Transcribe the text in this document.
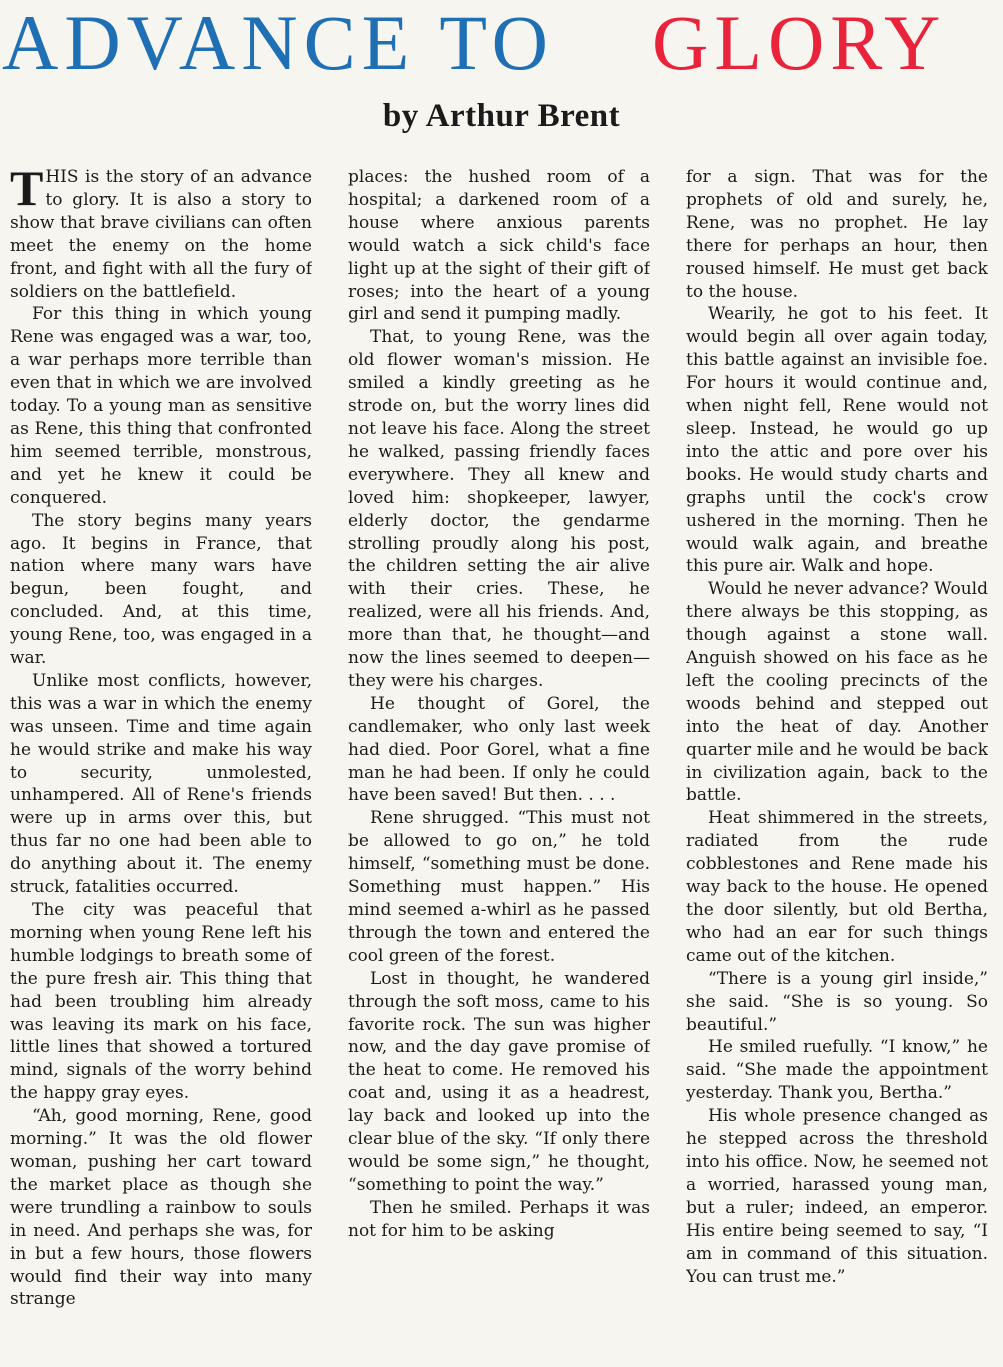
ADVANCE TO GLORY
by Arthur Brent

THIS is the story of an advance to glory. It is also a story to show that brave civilians can often meet the enemy on the home front, and fight with all the fury of soldiers on the battlefield.

For this thing in which young Rene was engaged was a war, too, a war perhaps more terrible than even that in which we are involved today. To a young man as sensitive as Rene, this thing that confronted him seemed terrible, monstrous, and yet he knew it could be conquered.

The story begins many years ago. It begins in France, that nation where many wars have begun, been fought, and concluded. And, at this time, young Rene, too, was engaged in a war.

Unlike most conflicts, however, this was a war in which the enemy was unseen. Time and time again he would strike and make his way to security, unmolested, unhampered. All of Rene's friends were up in arms over this, but thus far no one had been able to do anything about it. The enemy struck, fatalities occurred.

The city was peaceful that morning when young Rene left his humble lodgings to breath some of the pure fresh air. This thing that had been troubling him already was leaving its mark on his face, little lines that showed a tortured mind, signals of the worry behind the happy gray eyes.

“Ah, good morning, Rene, good morning.” It was the old flower woman, pushing her cart toward the market place as though she were trundling a rainbow to souls in need. And perhaps she was, for in but a few hours, those flowers would find their way into many strange

places: the hushed room of a hospital; a darkened room of a house where anxious parents would watch a sick child's face light up at the sight of their gift of roses; into the heart of a young girl and send it pumping madly.

That, to young Rene, was the old flower woman's mission. He smiled a kindly greeting as he strode on, but the worry lines did not leave his face. Along the street he walked, passing friendly faces everywhere. They all knew and loved him: shopkeeper, lawyer, elderly doctor, the gendarme strolling proudly along his post, the children setting the air alive with their cries. These, he realized, were all his friends. And, more than that, he thought—and now the lines seemed to deepen—they were his charges.

He thought of Gorel, the candlemaker, who only last week had died. Poor Gorel, what a fine man he had been. If only he could have been saved! But then. . . .

Rene shrugged. “This must not be allowed to go on,” he told himself, “something must be done. Something must happen.” His mind seemed a-whirl as he passed through the town and entered the cool green of the forest.

Lost in thought, he wandered through the soft moss, came to his favorite rock. The sun was higher now, and the day gave promise of the heat to come. He removed his coat and, using it as a headrest, lay back and looked up into the clear blue of the sky. “If only there would be some sign,” he thought, “something to point the way.”

Then he smiled. Perhaps it was not for him to be asking

for a sign. That was for the prophets of old and surely, he, Rene, was no prophet. He lay there for perhaps an hour, then roused himself. He must get back to the house.

Wearily, he got to his feet. It would begin all over again today, this battle against an invisible foe. For hours it would continue and, when night fell, Rene would not sleep. Instead, he would go up into the attic and pore over his books. He would study charts and graphs until the cock's crow ushered in the morning. Then he would walk again, and breathe this pure air. Walk and hope.

Would he never advance? Would there always be this stopping, as though against a stone wall. Anguish showed on his face as he left the cooling precincts of the woods behind and stepped out into the heat of day. Another quarter mile and he would be back in civilization again, back to the battle.

Heat shimmered in the streets, radiated from the rude cobblestones and Rene made his way back to the house. He opened the door silently, but old Bertha, who had an ear for such things came out of the kitchen.

“There is a young girl inside,” she said. “She is so young. So beautiful.”

He smiled ruefully. “I know,” he said. “She made the appointment yesterday. Thank you, Bertha.”

His whole presence changed as he stepped across the threshold into his office. Now, he seemed not a worried, harassed young man, but a ruler; indeed, an emperor. His entire being seemed to say, “I am in command of this situation. You can trust me.”
